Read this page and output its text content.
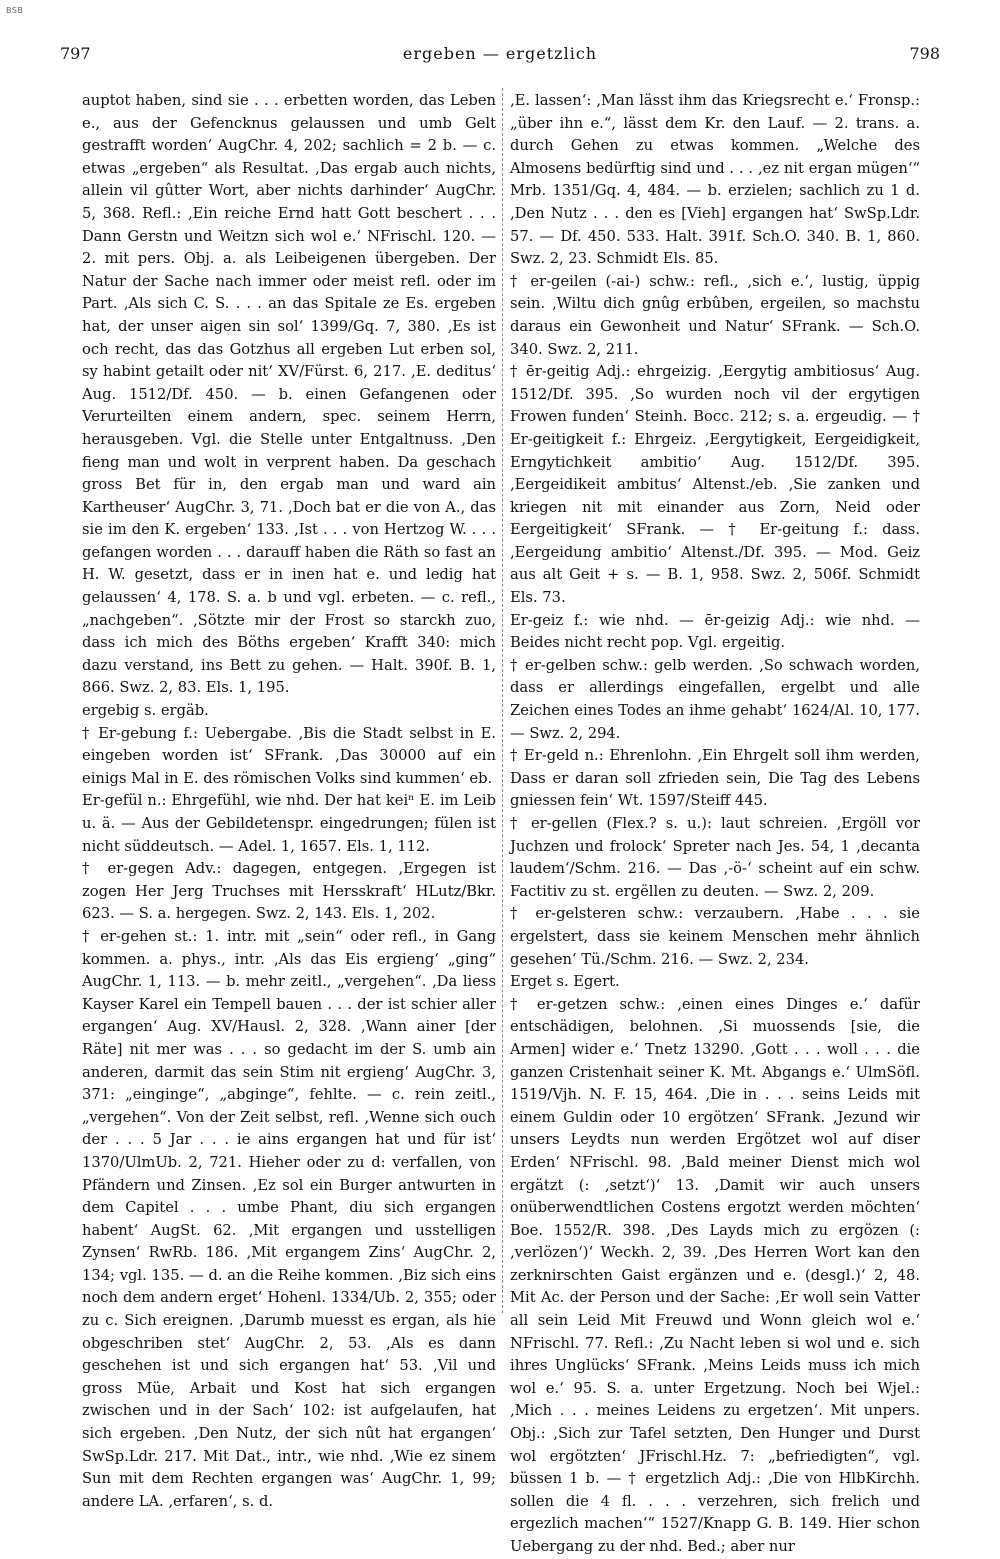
BSB
797	ergeben — ergetzlich	798

auptot haben, sind sie . . . erbetten worden, das Leben e., aus der Gefencknus gelaussen und umb Gelt gestrafft worden‘ AugChr. 4, 202; sachlich = 2 b. — c. etwas „ergeben“ als Resultat. ‚Das ergab auch nichts, allein vil gûtter Wort, aber nichts darhinder‘ AugChr. 5, 368. Refl.: ‚Ein reiche Ernd hatt Gott beschert . . . Dann Gerstn und Weitzn sich wol e.‘ NFrischl. 120. — 2. mit pers. Obj. a. als Leibeigenen übergeben. Der Natur der Sache nach immer oder meist refl. oder im Part. ‚Als sich C. S. . . . an das Spitale ze Es. ergeben hat, der unser aigen sin sol‘ 1399/Gq. 7, 380. ‚Es ist och recht, das das Gotzhus all ergeben Lut erben sol, sy habint getailt oder nit‘ XV/Fürst. 6, 217. ‚E. deditus‘ Aug. 1512/Df. 450. — b. einen Gefangenen oder Verurteilten einem andern, spec. seinem Herrn, herausgeben. Vgl. die Stelle unter Entgaltnuss. ‚Den fieng man und wolt in verprent haben. Da geschach gross Bet für in, den ergab man und ward ain Kartheuser‘ AugChr. 3, 71. ‚Doch bat er die von A., das sie im den K. ergeben‘ 133. ‚Ist . . . von Hertzog W. . . . gefangen worden . . . darauff haben die Räth so fast an H. W. gesetzt, dass er in inen hat e. und ledig hat gelaussen‘ 4, 178. S. a. b und vgl. erbeten. — c. refl., „nachgeben“. ‚Sötzte mir der Frost so starckh zuo, dass ich mich des Böths ergeben‘ Krafft 340: mich dazu verstand, ins Bett zu gehen. — Halt. 390f. B. 1, 866. Swz. 2, 83. Els. 1, 195.

ergebig s. ergäb.

† Er-gebung f.: Uebergabe. ‚Bis die Stadt selbst in E. eingeben worden ist‘ SFrank. ‚Das 30000 auf ein einigs Mal in E. des römischen Volks sind kummen‘ eb.

Er-gefül n.: Ehrgefühl, wie nhd. Der hat keiⁿ E. im Leib u. ä. — Aus der Gebildetenspr. eingedrungen; fülen ist nicht süddeutsch. — Adel. 1, 1657. Els. 1, 112.

† er-gegen Adv.: dagegen, entgegen. ‚Ergegen ist zogen Her Jerg Truchses mit Hersskraft‘ HLutz/Bkr. 623. — S. a. hergegen. Swz. 2, 143. Els. 1, 202.

† er-gehen st.: 1. intr. mit „sein“ oder refl., in Gang kommen. a. phys., intr. ‚Als das Eis ergieng‘ „ging“ AugChr. 1, 113. — b. mehr zeitl., „vergehen“. ‚Da liess Kayser Karel ein Tempell bauen . . . der ist schier aller ergangen‘ Aug. XV/Hausl. 2, 328. ‚Wann ainer [der Räte] nit mer was . . . so gedacht im der S. umb ain anderen, darmit das sein Stim nit ergieng‘ AugChr. 3, 371: „einginge“, „abginge“, fehlte. — c. rein zeitl., „vergehen“. Von der Zeit selbst, refl. ‚Wenne sich ouch der . . . 5 Jar . . . ie ains ergangen hat und für ist‘ 1370/UlmUb. 2, 721. Hieher oder zu d: verfallen, von Pfändern und Zinsen. ‚Ez sol ein Burger antwurten in dem Capitel . . . umbe Phant, diu sich ergangen habent‘ AugSt. 62. ‚Mit ergangen und usstelligen Zynsen‘ RwRb. 186. ‚Mit ergangem Zins‘ AugChr. 2, 134; vgl. 135. — d. an die Reihe kommen. ‚Biz sich eins noch dem andern erget‘ Hohenl. 1334/Ub. 2, 355; oder zu c. Sich ereignen. ‚Darumb muesst es ergan, als hie obgeschriben stet‘ AugChr. 2, 53. ‚Als es dann geschehen ist und sich ergangen hat‘ 53. ‚Vil und gross Müe, Arbait und Kost hat sich ergangen zwischen und in der Sach‘ 102: ist aufgelaufen, hat sich ergeben. ‚Den Nutz, der sich nût hat ergangen‘ SwSp.Ldr. 217. Mit Dat., intr., wie nhd. ‚Wie ez sinem Sun mit dem Rechten ergangen was‘ AugChr. 1, 99; andere LA. ‚erfaren‘, s. d.

‚E. lassen‘: ‚Man lässt ihm das Kriegsrecht e.‘ Fronsp.: „über ihn e.“, lässt dem Kr. den Lauf. — 2. trans. a. durch Gehen zu etwas kommen. „Welche des Almosens bedürftig sind und . . . ‚ez nit ergan mügen‘“ Mrb. 1351/Gq. 4, 484. — b. erzielen; sachlich zu 1 d. ‚Den Nutz . . . den es [Vieh] ergangen hat‘ SwSp.Ldr. 57. — Df. 450. 533. Halt. 391f. Sch.O. 340. B. 1, 860. Swz. 2, 23. Schmidt Els. 85.

† er-geilen (-ai-) schw.: refl., ‚sich e.‘, lustig, üppig sein. ‚Wiltu dich gnûg erbûben, ergeilen, so machstu daraus ein Gewonheit und Natur‘ SFrank. — Sch.O. 340. Swz. 2, 211.

† ēr-geitig Adj.: ehrgeizig. ‚Eergytig ambitiosus‘ Aug. 1512/Df. 395. ‚So wurden noch vil der ergytigen Frowen funden‘ Steinh. Bocc. 212; s. a. ergeudig. — † Er-geitigkeit f.: Ehrgeiz. ‚Eergytigkeit, Eergeidigkeit, Erngytichkeit ambitio‘ Aug. 1512/Df. 395. ‚Eergeidikeit ambitus‘ Altenst./eb. ‚Sie zanken und kriegen nit mit einander aus Zorn, Neid oder Eergeitigkeit‘ SFrank. — † Er-geitung f.: dass. ‚Eergeidung ambitio‘ Altenst./Df. 395. — Mod. Geiz aus alt Geit + s. — B. 1, 958. Swz. 2, 506f. Schmidt Els. 73.

Er-geiz f.: wie nhd. — ēr-geizig Adj.: wie nhd. — Beides nicht recht pop. Vgl. ergeitig.

† er-gelben schw.: gelb werden. ‚So schwach worden, dass er allerdings eingefallen, ergelbt und alle Zeichen eines Todes an ihme gehabt‘ 1624/Al. 10, 177. — Swz. 2, 294.

† Er-geld n.: Ehrenlohn. ‚Ein Ehrgelt soll ihm werden, Dass er daran soll zfrieden sein, Die Tag des Lebens gniessen fein‘ Wt. 1597/Steiff 445.

† er-gellen (Flex.? s. u.): laut schreien. ‚Ergöll vor Juchzen und frolock‘ Spreter nach Jes. 54, 1 ‚decanta laudem‘/Schm. 216. — Das ‚-ö-‘ scheint auf ein schw. Factitiv zu st. ergëllen zu deuten. — Swz. 2, 209.

† er-gelsteren schw.: verzaubern. ‚Habe . . . sie ergelstert, dass sie keinem Menschen mehr ähnlich gesehen‘ Tü./Schm. 216. — Swz. 2, 234.

Erget s. Egert.

† er-getzen schw.: ‚einen eines Dinges e.‘ dafür entschädigen, belohnen. ‚Si muossends [sie, die Armen] wider e.‘ Tnetz 13290. ‚Gott . . . woll . . . die ganzen Cristenhait seiner K. Mt. Abgangs e.‘ UlmSöfl. 1519/Vjh. N. F. 15, 464. ‚Die in . . . seins Leids mit einem Guldin oder 10 ergötzen‘ SFrank. ‚Jezund wir unsers Leydts nun werden Ergötzet wol auf diser Erden‘ NFrischl. 98. ‚Bald meiner Dienst mich wol ergätzt (: ‚setzt‘)‘ 13. ‚Damit wir auch unsers onüberwendtlichen Costens ergotzt werden möchten‘ Boe. 1552/R. 398. ‚Des Layds mich zu ergözen (: ‚verlözen‘)‘ Weckh. 2, 39. ‚Des Herren Wort kan den zerknirschten Gaist ergänzen und e. (desgl.)‘ 2, 48. Mit Ac. der Person und der Sache: ‚Er woll sein Vatter all sein Leid Mit Freuwd und Wonn gleich wol e.‘ NFrischl. 77. Refl.: ‚Zu Nacht leben si wol und e. sich ihres Unglücks‘ SFrank. ‚Meins Leids muss ich mich wol e.‘ 95. S. a. unter Ergetzung. Noch bei Wjel.: ‚Mich . . . meines Leidens zu ergetzen‘. Mit unpers. Obj.: ‚Sich zur Tafel setzten, Den Hunger und Durst wol ergötzten‘ JFrischl.Hz. 7: „befriedigten“, vgl. büssen 1 b. — † ergetzlich Adj.: ‚Die von HlbKirchh. sollen die 4 fl. . . . verzehren, sich frelich und ergezlich machen‘“ 1527/Knapp G. B. 149. Hier schon Uebergang zu der nhd. Bed.; aber nur
